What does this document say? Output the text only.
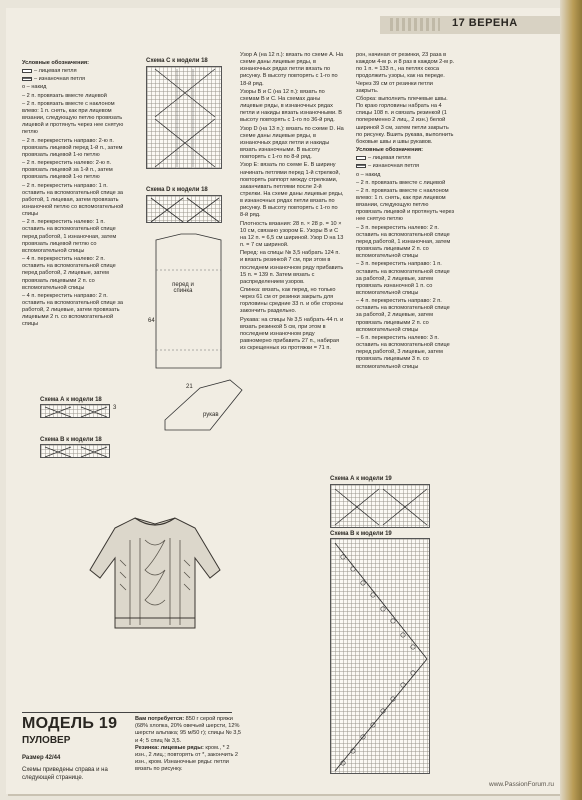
17 ВЕРЕНА

Условные обозначения:

– лицевая петля

– изнаночная петля

о – накид

– 2 п. провязать вместе лицевой

– 2 п. провязать вместе с наклоном влево: 1 п. снять, как при лицевом вязании, следующую петлю провязать лицевой и протянуть через нее снятую петлю

– 2 п. перекрестить направо: 2-ю п. провязать лицевой перед 1-й п., затем провязать лицевой 1-ю петлю

– 2 п. перекрестить налево: 2-ю п. провязать лицевой за 1-й п., затем провязать лицевой 1-ю петлю

– 2 п. перекрестить направо: 1 п. оставить на вспомогательной спице за работой, 1 лицевая, затем провязать изнаночной петлю со вспомогательной спицы

– 2 п. перекрестить налево: 1 п. оставить на вспомогательной спице перед работой, 1 изнаночная, затем провязать лицевой петлю со вспомогательной спицы

– 4 п. перекрестить налево: 2 п. оставить на вспомогательной спице перед работой, 2 лицевые, затем провязать лицевыми 2 п. со вспомогательной спицы

– 4 п. перекрестить направо: 2 п. оставить на вспомогательной спице за работой, 2 лицевые, затем провязать лицевыми 2 п. со вспомогательной спицы

Схема С к модели 18
Схема D к модели 18
перед и спинка
64
21
рукав
Схема А к модели 18
3
Схема В к модели 18

Узор А (на 12 п.): вязать по схеме А. На схеме даны лицевые ряды, в изнаночных рядах петли вязать по рисунку. В высоту повторять с 1-го по 18-й ряд.

Узоры В и С (на 12 п.): вязать по схемам В и С. На схемах даны лицевые ряды, в изнаночных рядах петли и накиды вязать изнаночными. В высоту повторять с 1-го по 36-й ряд.

Узор D (на 13 п.): вязать по схеме D. На схеме даны лицевые ряды, в изнаночных рядах петли и накиды вязать изнаночными. В высоту повторять с 1-го по 8-й ряд.

Узор Е: вязать по схеме Е. В ширину начинать петлями перед 1-й стрелкой, повторять раппорт между стрелками, заканчивать петлями после 2-й стрелки. На схеме даны лицевые ряды, в изнаночных рядах петли вязать по рисунку. В высоту повторять с 1-го по 8-й ряд.

Плотность вязания: 28 п. × 28 р. = 10 × 10 см, связано узором Е. Узоры В и С на 12 п. = 6,5 см шириной. Узор D на 13 п. = 7 см шириной.

Перед: на спицы № 3,5 набрать 124 п. и вязать резинкой 7 см, при этом в последнем изнаночном ряду прибавить 15 п. = 139 п. Затем вязать с распределением узоров.

Спинка: вязать, как перед, но только через 61 см от резинки закрыть для горловины средние 33 п. и обе стороны закончить раздельно.

Рукава: на спицы № 3,5 набрать 44 п. и вязать резинкой 5 см, при этом в последнем изнаночном ряду равномерно прибавить 27 п., набирая из скрещенных из протяжки = 71 п.

рон, начиная от резинки, 23 раза в каждом 4-м р. и 8 раз в каждом 2-м р. по 1 п. = 133 п., на петлях скоса продолжить узоры, как на переде. Через 39 см от резинки петли закрыть.

Сборка: выполнить плечевые швы. По краю горловины набрать на 4 спицы 108 п. и связать резинкой (1 попеременно 2 лиц., 2 изн.) белой шириной 3 см, затем петли закрыть по рисунку. Вшить рукава, выполнить боковые швы и швы рукавов.

Условные обозначения:

– лицевая петля

– изнаночная петля

о – накид

– 2 п. провязать вместе с лицевой

– 2 п. провязать вместе с наклоном влево: 1 п. снять, как при лицевом вязании, следующую петлю провязать лицевой и протянуть через нее снятую петлю

– 3 п. перекрестить налево: 2 п. оставить на вспомогательной спице перед работой, 1 изнаночная, затем провязать лицевыми 2 п. со вспомогательной спицы

– 3 п. перекрестить направо: 1 п. оставить на вспомогательной спице за работой, 2 лицевые, затем провязать изнаночной 1 п. со вспомогательной спицы

– 4 п. перекрестить направо: 2 п. оставить на вспомогательной спице за работой, 2 лицевые, затем провязать лицевыми 2 п. со вспомогательной спицы

– 6 п. перекрестить налево: 3 п. оставить на вспомогательной спице перед работой, 3 лицевые, затем провязать лицевыми 3 п. со вспомогательной спицы

Схема А к модели 19
Схема В к модели 19
МОДЕЛЬ 19
ПУЛОВЕР
Размер 42/44
Схемы приведены справа и на следующей странице.

Вам потребуется: 850 г серой пряжи (68% хлопка, 20% овечьей шерсти, 12% шерсти альпака; 95 м/50 г); спицы № 3,5 и 4; 5 спиц № 3,5.

Резинка: лицевые ряды: кром., * 2 изн., 2 лиц.; повторять от *, закончить 2 изн., кром. Изнаночные ряды: петли вязать по рисунку.

www.PassionForum.ru
